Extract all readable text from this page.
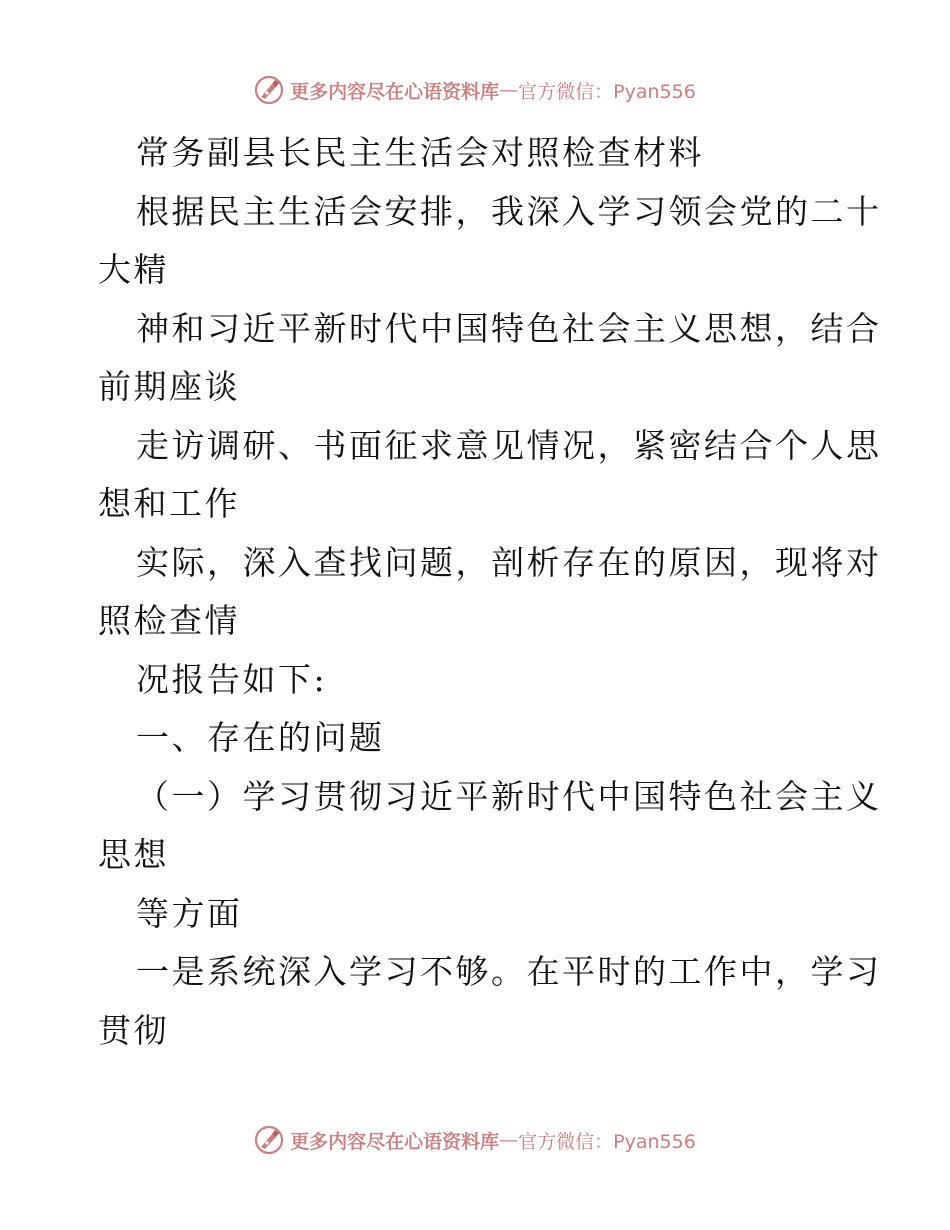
更多内容尽在心语资料库 — 官方微信：Pyan556
常务副县长民主生活会对照检查材料
根据民主生活会安排，我深入学习领会党的二十
大精
神和习近平新时代中国特色社会主义思想，结合
前期座谈
走访调研、书面征求意见情况，紧密结合个人思
想和工作
实际，深入查找问题，剖析存在的原因，现将对
照检查情
况报告如下:
一、存在的问题
（一）学习贯彻习近平新时代中国特色社会主义
思想
等方面
一是系统深入学习不够。在平时的工作中，学习
贯彻
更多内容尽在心语资料库 — 官方微信：Pyan556
